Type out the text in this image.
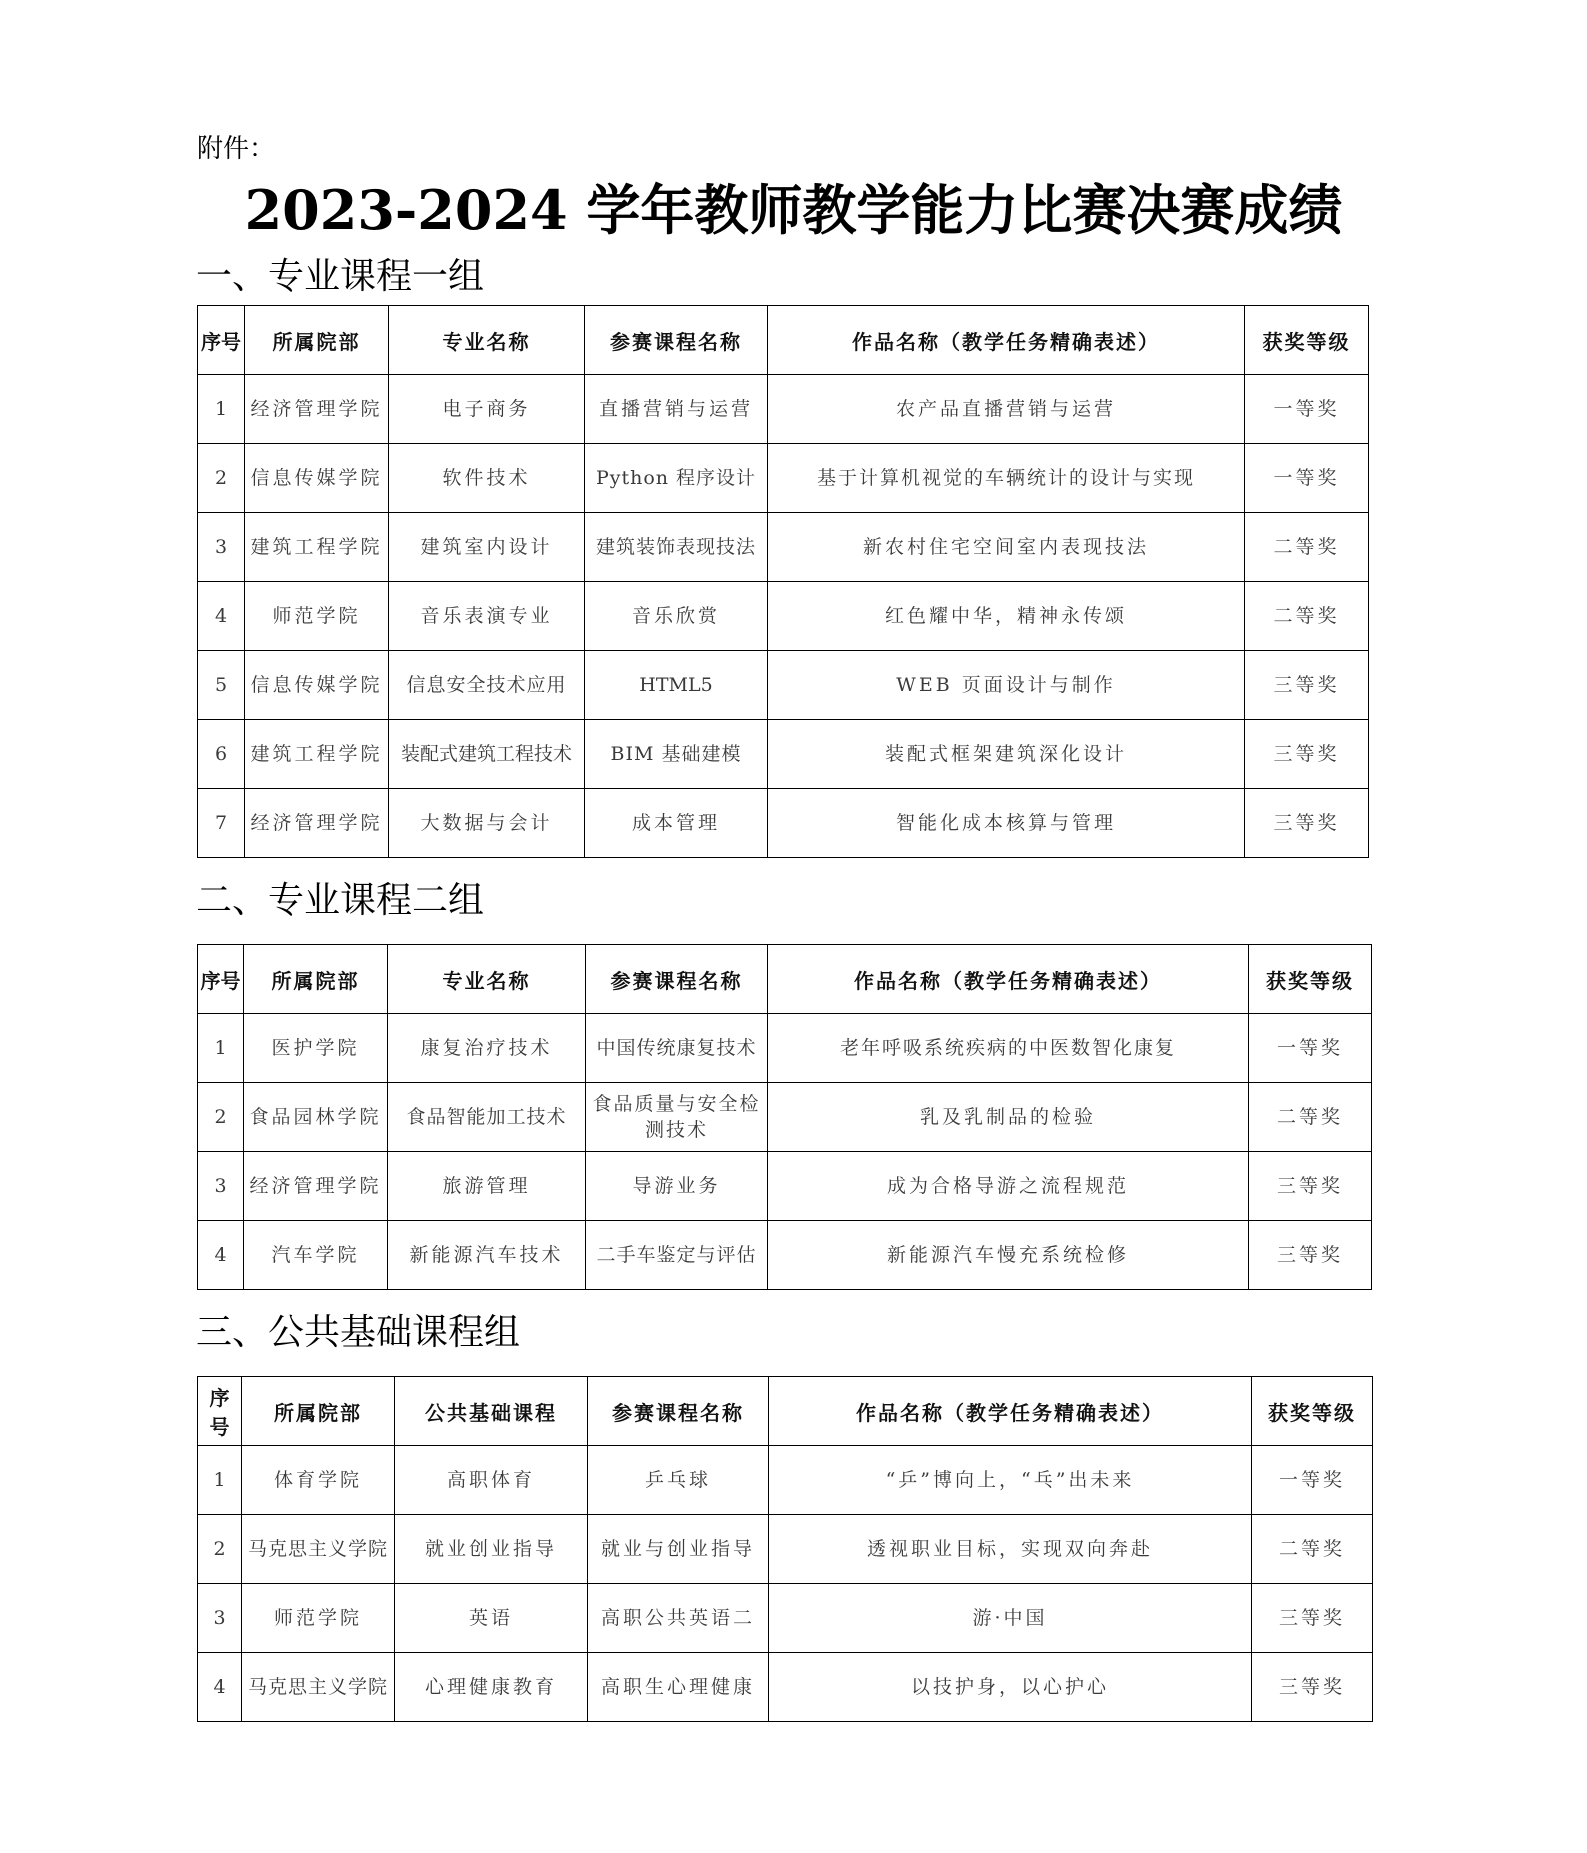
附件：
2023-2024 学年教师教学能力比赛决赛成绩
一、专业课程一组
序号	所属院部	专业名称	参赛课程名称	作品名称（教学任务精确表述）	获奖等级
1	经济管理学院	电子商务	直播营销与运营	农产品直播营销与运营	一等奖
2	信息传媒学院	软件技术	Python 程序设计	基于计算机视觉的车辆统计的设计与实现	一等奖
3	建筑工程学院	建筑室内设计	建筑装饰表现技法	新农村住宅空间室内表现技法	二等奖
4	师范学院	音乐表演专业	音乐欣赏	红色耀中华，精神永传颂	二等奖
5	信息传媒学院	信息安全技术应用	HTML5	WEB 页面设计与制作	三等奖
6	建筑工程学院	装配式建筑工程技术	BIM 基础建模	装配式框架建筑深化设计	三等奖
7	经济管理学院	大数据与会计	成本管理	智能化成本核算与管理	三等奖
二、专业课程二组
序号	所属院部	专业名称	参赛课程名称	作品名称（教学任务精确表述）	获奖等级
1	医护学院	康复治疗技术	中国传统康复技术	老年呼吸系统疾病的中医数智化康复	一等奖
2	食品园林学院	食品智能加工技术	食品质量与安全检测技术	乳及乳制品的检验	二等奖
3	经济管理学院	旅游管理	导游业务	成为合格导游之流程规范	三等奖
4	汽车学院	新能源汽车技术	二手车鉴定与评估	新能源汽车慢充系统检修	三等奖
三、公共基础课程组
序号	所属院部	公共基础课程	参赛课程名称	作品名称（教学任务精确表述）	获奖等级
1	体育学院	高职体育	乒乓球	“乒”博向上，“乓”出未来	一等奖
2	马克思主义学院	就业创业指导	就业与创业指导	透视职业目标，实现双向奔赴	二等奖
3	师范学院	英语	高职公共英语二	游·中国	三等奖
4	马克思主义学院	心理健康教育	高职生心理健康	以技护身，以心护心	三等奖
